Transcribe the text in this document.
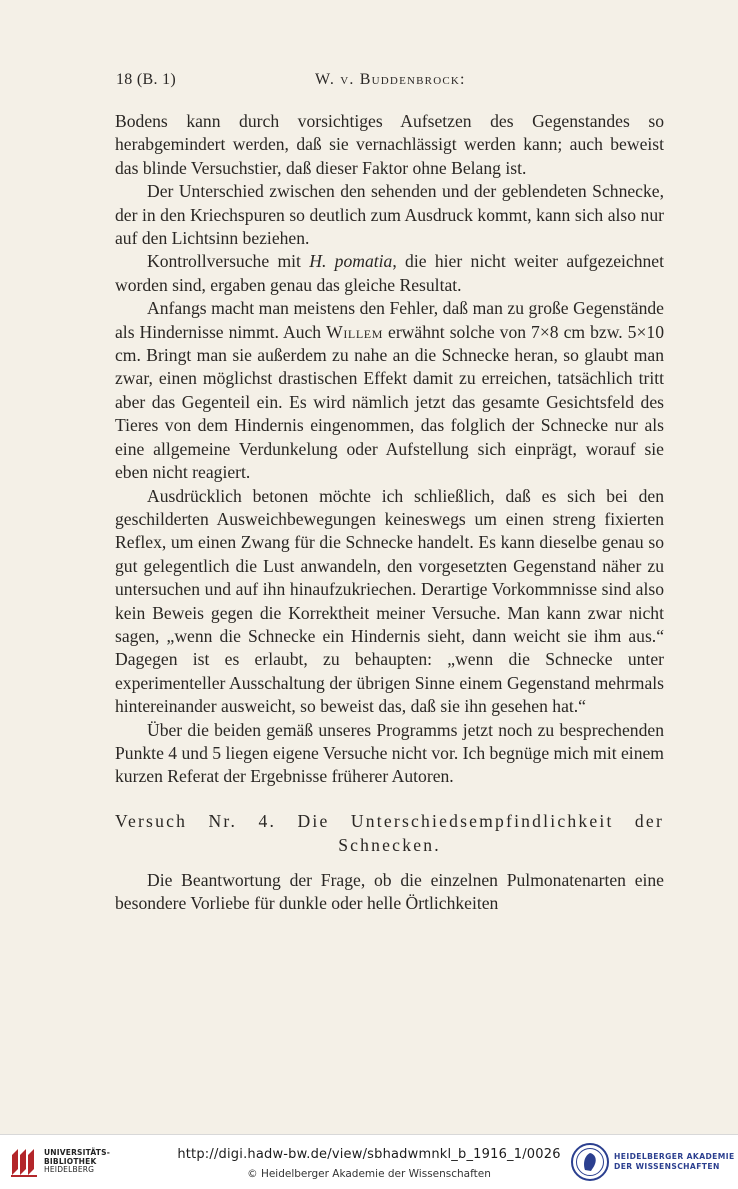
18 (B. 1)	W. v. Buddenbrock:

Bodens kann durch vorsichtiges Aufsetzen des Gegenstandes so herabgemindert werden, daß sie vernachlässigt werden kann; auch beweist das blinde Versuchstier, daß dieser Faktor ohne Belang ist.

Der Unterschied zwischen den sehenden und der geblendeten Schnecke, der in den Kriechspuren so deutlich zum Ausdruck kommt, kann sich also nur auf den Lichtsinn beziehen.

Kontrollversuche mit H. pomatia, die hier nicht weiter aufgezeichnet worden sind, ergaben genau das gleiche Resultat.

Anfangs macht man meistens den Fehler, daß man zu große Gegenstände als Hindernisse nimmt. Auch Willem erwähnt solche von 7×8 cm bzw. 5×10 cm. Bringt man sie außerdem zu nahe an die Schnecke heran, so glaubt man zwar, einen möglichst drastischen Effekt damit zu erreichen, tatsächlich tritt aber das Gegenteil ein. Es wird nämlich jetzt das gesamte Gesichtsfeld des Tieres von dem Hindernis eingenommen, das folglich der Schnecke nur als eine allgemeine Verdunkelung oder Aufstellung sich einprägt, worauf sie eben nicht reagiert.

Ausdrücklich betonen möchte ich schließlich, daß es sich bei den geschilderten Ausweichbewegungen keineswegs um einen streng fixierten Reflex, um einen Zwang für die Schnecke handelt. Es kann dieselbe genau so gut gelegentlich die Lust anwandeln, den vorgesetzten Gegenstand näher zu untersuchen und auf ihn hinaufzukriechen. Derartige Vorkommnisse sind also kein Beweis gegen die Korrektheit meiner Versuche. Man kann zwar nicht sagen, „wenn die Schnecke ein Hindernis sieht, dann weicht sie ihm aus.“ Dagegen ist es erlaubt, zu behaupten: „wenn die Schnecke unter experimenteller Ausschaltung der übrigen Sinne einem Gegenstand mehrmals hintereinander ausweicht, so beweist das, daß sie ihn gesehen hat.“

Über die beiden gemäß unseres Programms jetzt noch zu besprechenden Punkte 4 und 5 liegen eigene Versuche nicht vor. Ich begnüge mich mit einem kurzen Referat der Ergebnisse früherer Autoren.

Versuch Nr. 4. Die Unterschiedsempfindlichkeit der
Schnecken.

Die Beantwortung der Frage, ob die einzelnen Pulmonatenarten eine besondere Vorliebe für dunkle oder helle Örtlichkeiten

UNIVERSITÄTS-
BIBLIOTHEK
HEIDELBERG
http://digi.hadw-bw.de/view/sbhadwmnkl_b_1916_1/0026
© Heidelberger Akademie der Wissenschaften
HEIDELBERGER AKADEMIE
DER WISSENSCHAFTEN
